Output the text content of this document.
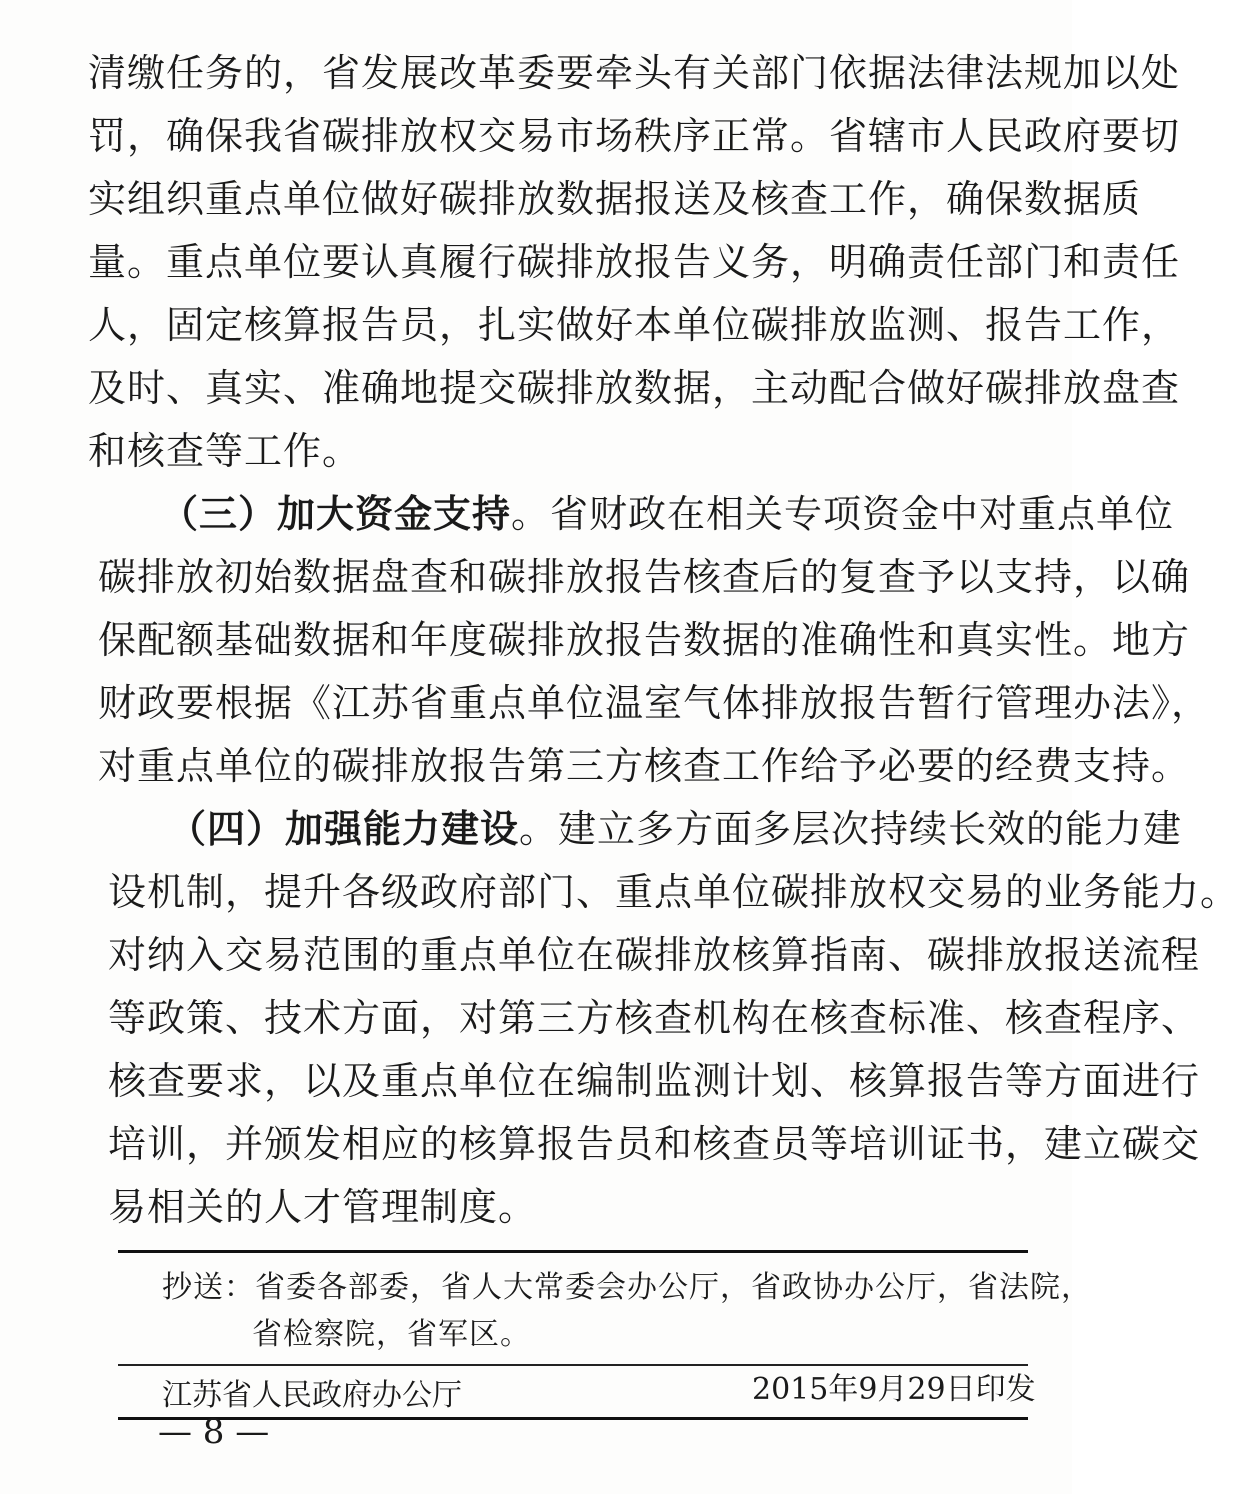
清缴任务的，省发展改革委要牵头有关部门依据法律法规加以处
罚，确保我省碳排放权交易市场秩序正常。省辖市人民政府要切
实组织重点单位做好碳排放数据报送及核查工作，确保数据质
量。重点单位要认真履行碳排放报告义务，明确责任部门和责任
人，固定核算报告员，扎实做好本单位碳排放监测、报告工作，
及时、真实、准确地提交碳排放数据，主动配合做好碳排放盘查
和核查等工作。
（三）加大资金支持。省财政在相关专项资金中对重点单位
碳排放初始数据盘查和碳排放报告核查后的复查予以支持，以确
保配额基础数据和年度碳排放报告数据的准确性和真实性。地方
财政要根据《江苏省重点单位温室气体排放报告暂行管理办法》，
对重点单位的碳排放报告第三方核查工作给予必要的经费支持。
（四）加强能力建设。建立多方面多层次持续长效的能力建
设机制，提升各级政府部门、重点单位碳排放权交易的业务能力。
对纳入交易范围的重点单位在碳排放核算指南、碳排放报送流程
等政策、技术方面，对第三方核查机构在核查标准、核查程序、
核查要求，以及重点单位在编制监测计划、核算报告等方面进行
培训，并颁发相应的核算报告员和核查员等培训证书，建立碳交
易相关的人才管理制度。
抄送：省委各部委，省人大常委会办公厅，省政协办公厅，省法院，
省检察院，省军区。
江苏省人民政府办公厅	2015年9月29日印发
— 8 —
